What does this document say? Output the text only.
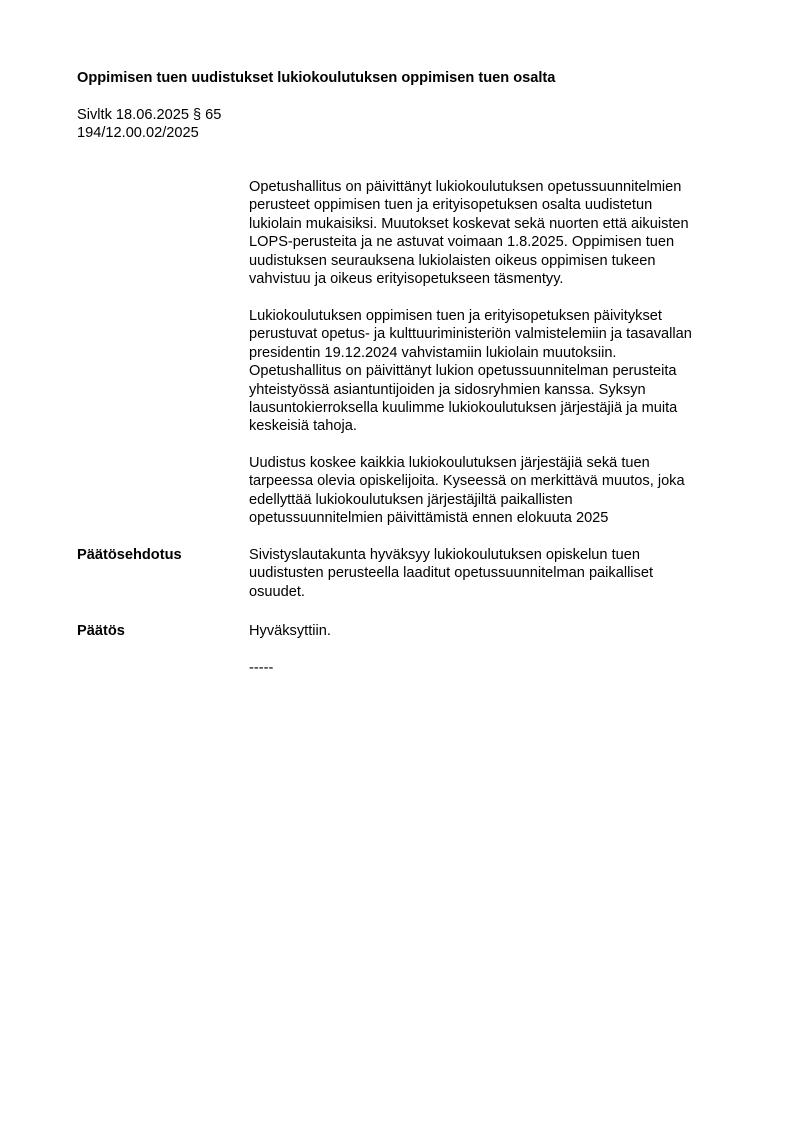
Oppimisen tuen uudistukset lukiokoulutuksen oppimisen tuen osalta
Sivltk 18.06.2025 § 65
194/12.00.02/2025

Opetushallitus on päivittänyt lukiokoulutuksen opetussuunnitelmien
perusteet oppimisen tuen ja erityisopetuksen osalta uudistetun
lukiolain mukaisiksi. Muutokset koskevat sekä nuorten että aikuisten
LOPS-perusteita ja ne astuvat voimaan 1.8.2025. Oppimisen tuen
uudistuksen seurauksena lukiolaisten oikeus oppimisen tukeen
vahvistuu ja oikeus erityisopetukseen täsmentyy.

Lukiokoulutuksen oppimisen tuen ja erityisopetuksen päivitykset
perustuvat opetus- ja kulttuuriministeriön valmistelemiin ja tasavallan
presidentin 19.12.2024 vahvistamiin lukiolain muutoksiin.
Opetushallitus on päivittänyt lukion opetussuunnitelman perusteita
yhteistyössä asiantuntijoiden ja sidosryhmien kanssa. Syksyn
lausuntokierroksella kuulimme lukiokoulutuksen järjestäjiä ja muita
keskeisiä tahoja.

Uudistus koskee kaikkia lukiokoulutuksen järjestäjiä sekä tuen
tarpeessa olevia opiskelijoita. Kyseessä on merkittävä muutos, joka
edellyttää lukiokoulutuksen järjestäjiltä paikallisten
opetussuunnitelmien päivittämistä ennen elokuuta 2025

Päätösehdotus	Sivistyslautakunta hyväksyy lukiokoulutuksen opiskelun tuen
uudistusten perusteella laaditut opetussuunnitelman paikalliset
osuudet.

Päätös	Hyväksyttiin.

-----
